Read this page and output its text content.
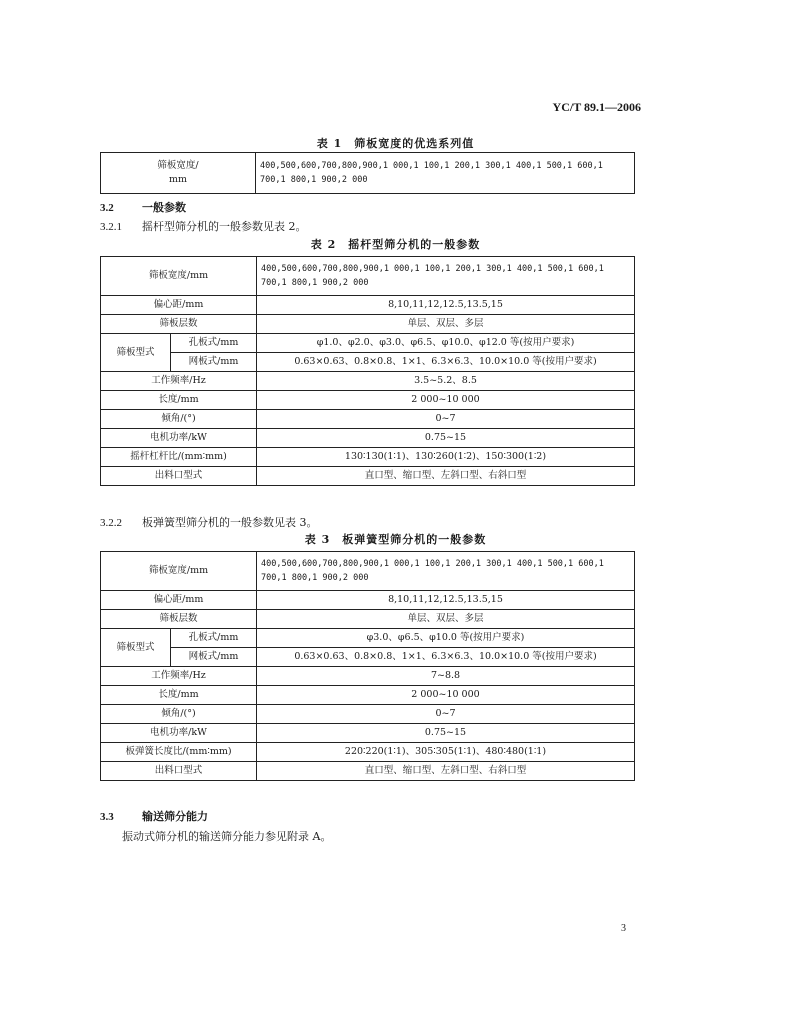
YC/T 89.1—2006
表 1　筛板宽度的优选系列值
筛板宽度/
mm	400,500,600,700,800,900,1 000,1 100,1 200,1 300,1 400,1 500,1 600,1 700,1 800,1 900,2 000
3.2	一般参数
3.2.1 摇杆型筛分机的一般参数见表 2。
表 2　摇杆型筛分机的一般参数
筛板宽度/mm		400,500,600,700,800,900,1 000,1 100,1 200,1 300,1 400,1 500,1 600,1 700,1 800,1 900,2 000
偏心距/mm		8,10,11,12,12.5,13.5,15
筛板层数		单层、双层、多层
筛板型式	孔板式/mm	φ1.0、φ2.0、φ3.0、φ6.5、φ10.0、φ12.0 等(按用户要求)
	网板式/mm	0.63×0.63、0.8×0.8、1×1、6.3×6.3、10.0×10.0 等(按用户要求)
工作频率/Hz		3.5~5.2、8.5
长度/mm		2 000~10 000
倾角/(°)		0~7
电机功率/kW		0.75~15
摇杆杠杆比/(mm∶mm)		130∶130(1∶1)、130∶260(1∶2)、150∶300(1∶2)
出料口型式		直口型、缩口型、左斜口型、右斜口型
3.2.2 板弹簧型筛分机的一般参数见表 3。
表 3　板弹簧型筛分机的一般参数
筛板宽度/mm		400,500,600,700,800,900,1 000,1 100,1 200,1 300,1 400,1 500,1 600,1 700,1 800,1 900,2 000
偏心距/mm		8,10,11,12,12.5,13.5,15
筛板层数		单层、双层、多层
筛板型式	孔板式/mm	φ3.0、φ6.5、φ10.0 等(按用户要求)
	网板式/mm	0.63×0.63、0.8×0.8、1×1、6.3×6.3、10.0×10.0 等(按用户要求)
工作频率/Hz		7~8.8
长度/mm		2 000~10 000
倾角/(°)		0~7
电机功率/kW		0.75~15
板弹簧长度比/(mm∶mm)		220∶220(1∶1)、305∶305(1∶1)、480∶480(1∶1)
出料口型式		直口型、缩口型、左斜口型、右斜口型
3.3	输送筛分能力
振动式筛分机的输送筛分能力参见附录 A。
3
